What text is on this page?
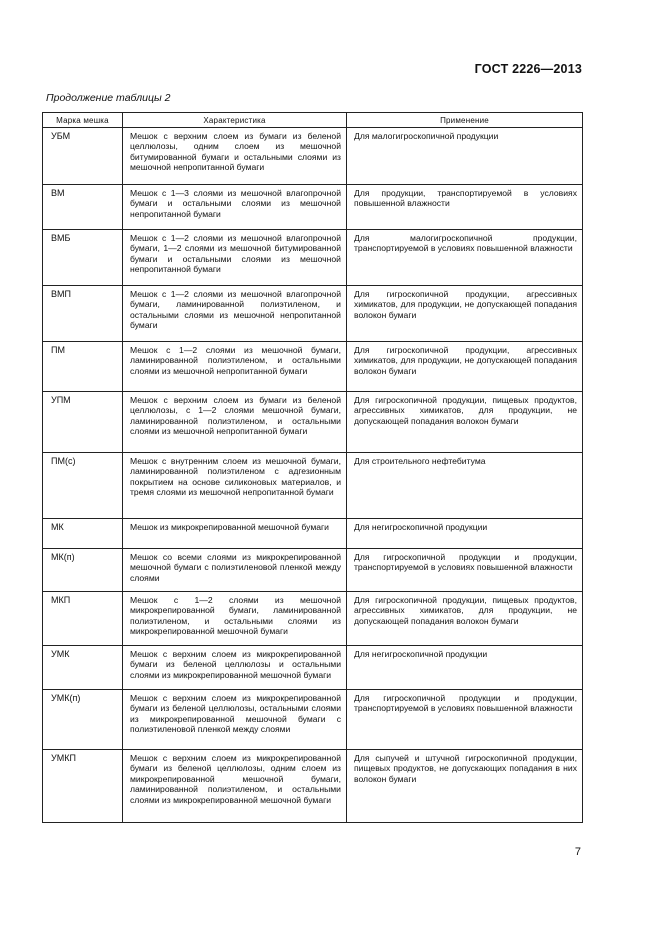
ГОСТ 2226—2013
Продолжение таблицы 2
Марка мешка	Характеристика	Применение
УБМ	Мешок с верхним слоем из бумаги из беленой целлюлозы, одним слоем из мешочной битумированной бумаги и остальными слоями из мешочной непропитанной бумаги	Для малогигроскопичной продукции
ВМ	Мешок с 1—3 слоями из мешочной влагопрочной бумаги и остальными слоями из мешочной непропитанной бумаги	Для продукции, транспортируемой в условиях повышенной влажности
ВМБ	Мешок с 1—2 слоями из мешочной влагопрочной бумаги, 1—2 слоями из мешочной битумированной бумаги и остальными слоями из мешочной непропитанной бумаги	Для малогигроскопичной продукции, транспортируемой в условиях повышенной влажности
ВМП	Мешок с 1—2 слоями из мешочной влагопрочной бумаги, ламинированной полиэтиленом, и остальными слоями из мешочной непропитанной бумаги	Для гигроскопичной продукции, агрессивных химикатов, для продукции, не допускающей попадания волокон бумаги
ПМ	Мешок с 1—2 слоями из мешочной бумаги, ламинированной полиэтиленом, и остальными слоями из мешочной непропитанной бумаги	Для гигроскопичной продукции, агрессивных химикатов, для продукции, не допускающей попадания волокон бумаги
УПМ	Мешок с верхним слоем из бумаги из беленой целлюлозы, с 1—2 слоями мешочной бумаги, ламинированной полиэтиленом, и остальными слоями из мешочной непропитанной бумаги	Для гигроскопичной продукции, пищевых продуктов, агрессивных химикатов, для продукции, не допускающей попадания волокон бумаги
ПМ(с)	Мешок с внутренним слоем из мешочной бумаги, ламинированной полиэтиленом с адгезионным покрытием на основе силиконовых материалов, и тремя слоями из мешочной непропитанной бумаги	Для строительного нефтебитума
МК	Мешок из микрокрепированной мешочной бумаги	Для негигроскопичной продукции
МК(п)	Мешок со всеми слоями из микрокрепированной мешочной бумаги с полиэтиленовой пленкой между слоями	Для гигроскопичной продукции и продукции, транспортируемой в условиях повышенной влажности
МКП	Мешок с 1—2 слоями из мешочной микрокрепированной бумаги, ламинированной полиэтиленом, и остальными слоями из микрокрепированной мешочной бумаги	Для гигроскопичной продукции, пищевых продуктов, агрессивных химикатов, для продукции, не допускающей попадания волокон бумаги
УМК	Мешок с верхним слоем из микрокрепированной бумаги из беленой целлюлозы и остальными слоями из микрокрепированной мешочной бумаги	Для негигроскопичной продукции
УМК(п)	Мешок с верхним слоем из микрокрепированной бумаги из беленой целлюлозы, остальными слоями из микрокрепированной мешочной бумаги с полиэтиленовой пленкой между слоями	Для гигроскопичной продукции и продукции, транспортируемой в условиях повышенной влажности
УМКП	Мешок с верхним слоем из микрокрепированной бумаги из беленой целлюлозы, одним слоем из микрокрепированной мешочной бумаги, ламинированной полиэтиленом, и остальными слоями из микрокрепированной мешочной бумаги	Для сыпучей и штучной гигроскопичной продукции, пищевых продуктов, не допускающих попадания в них волокон бумаги
7
